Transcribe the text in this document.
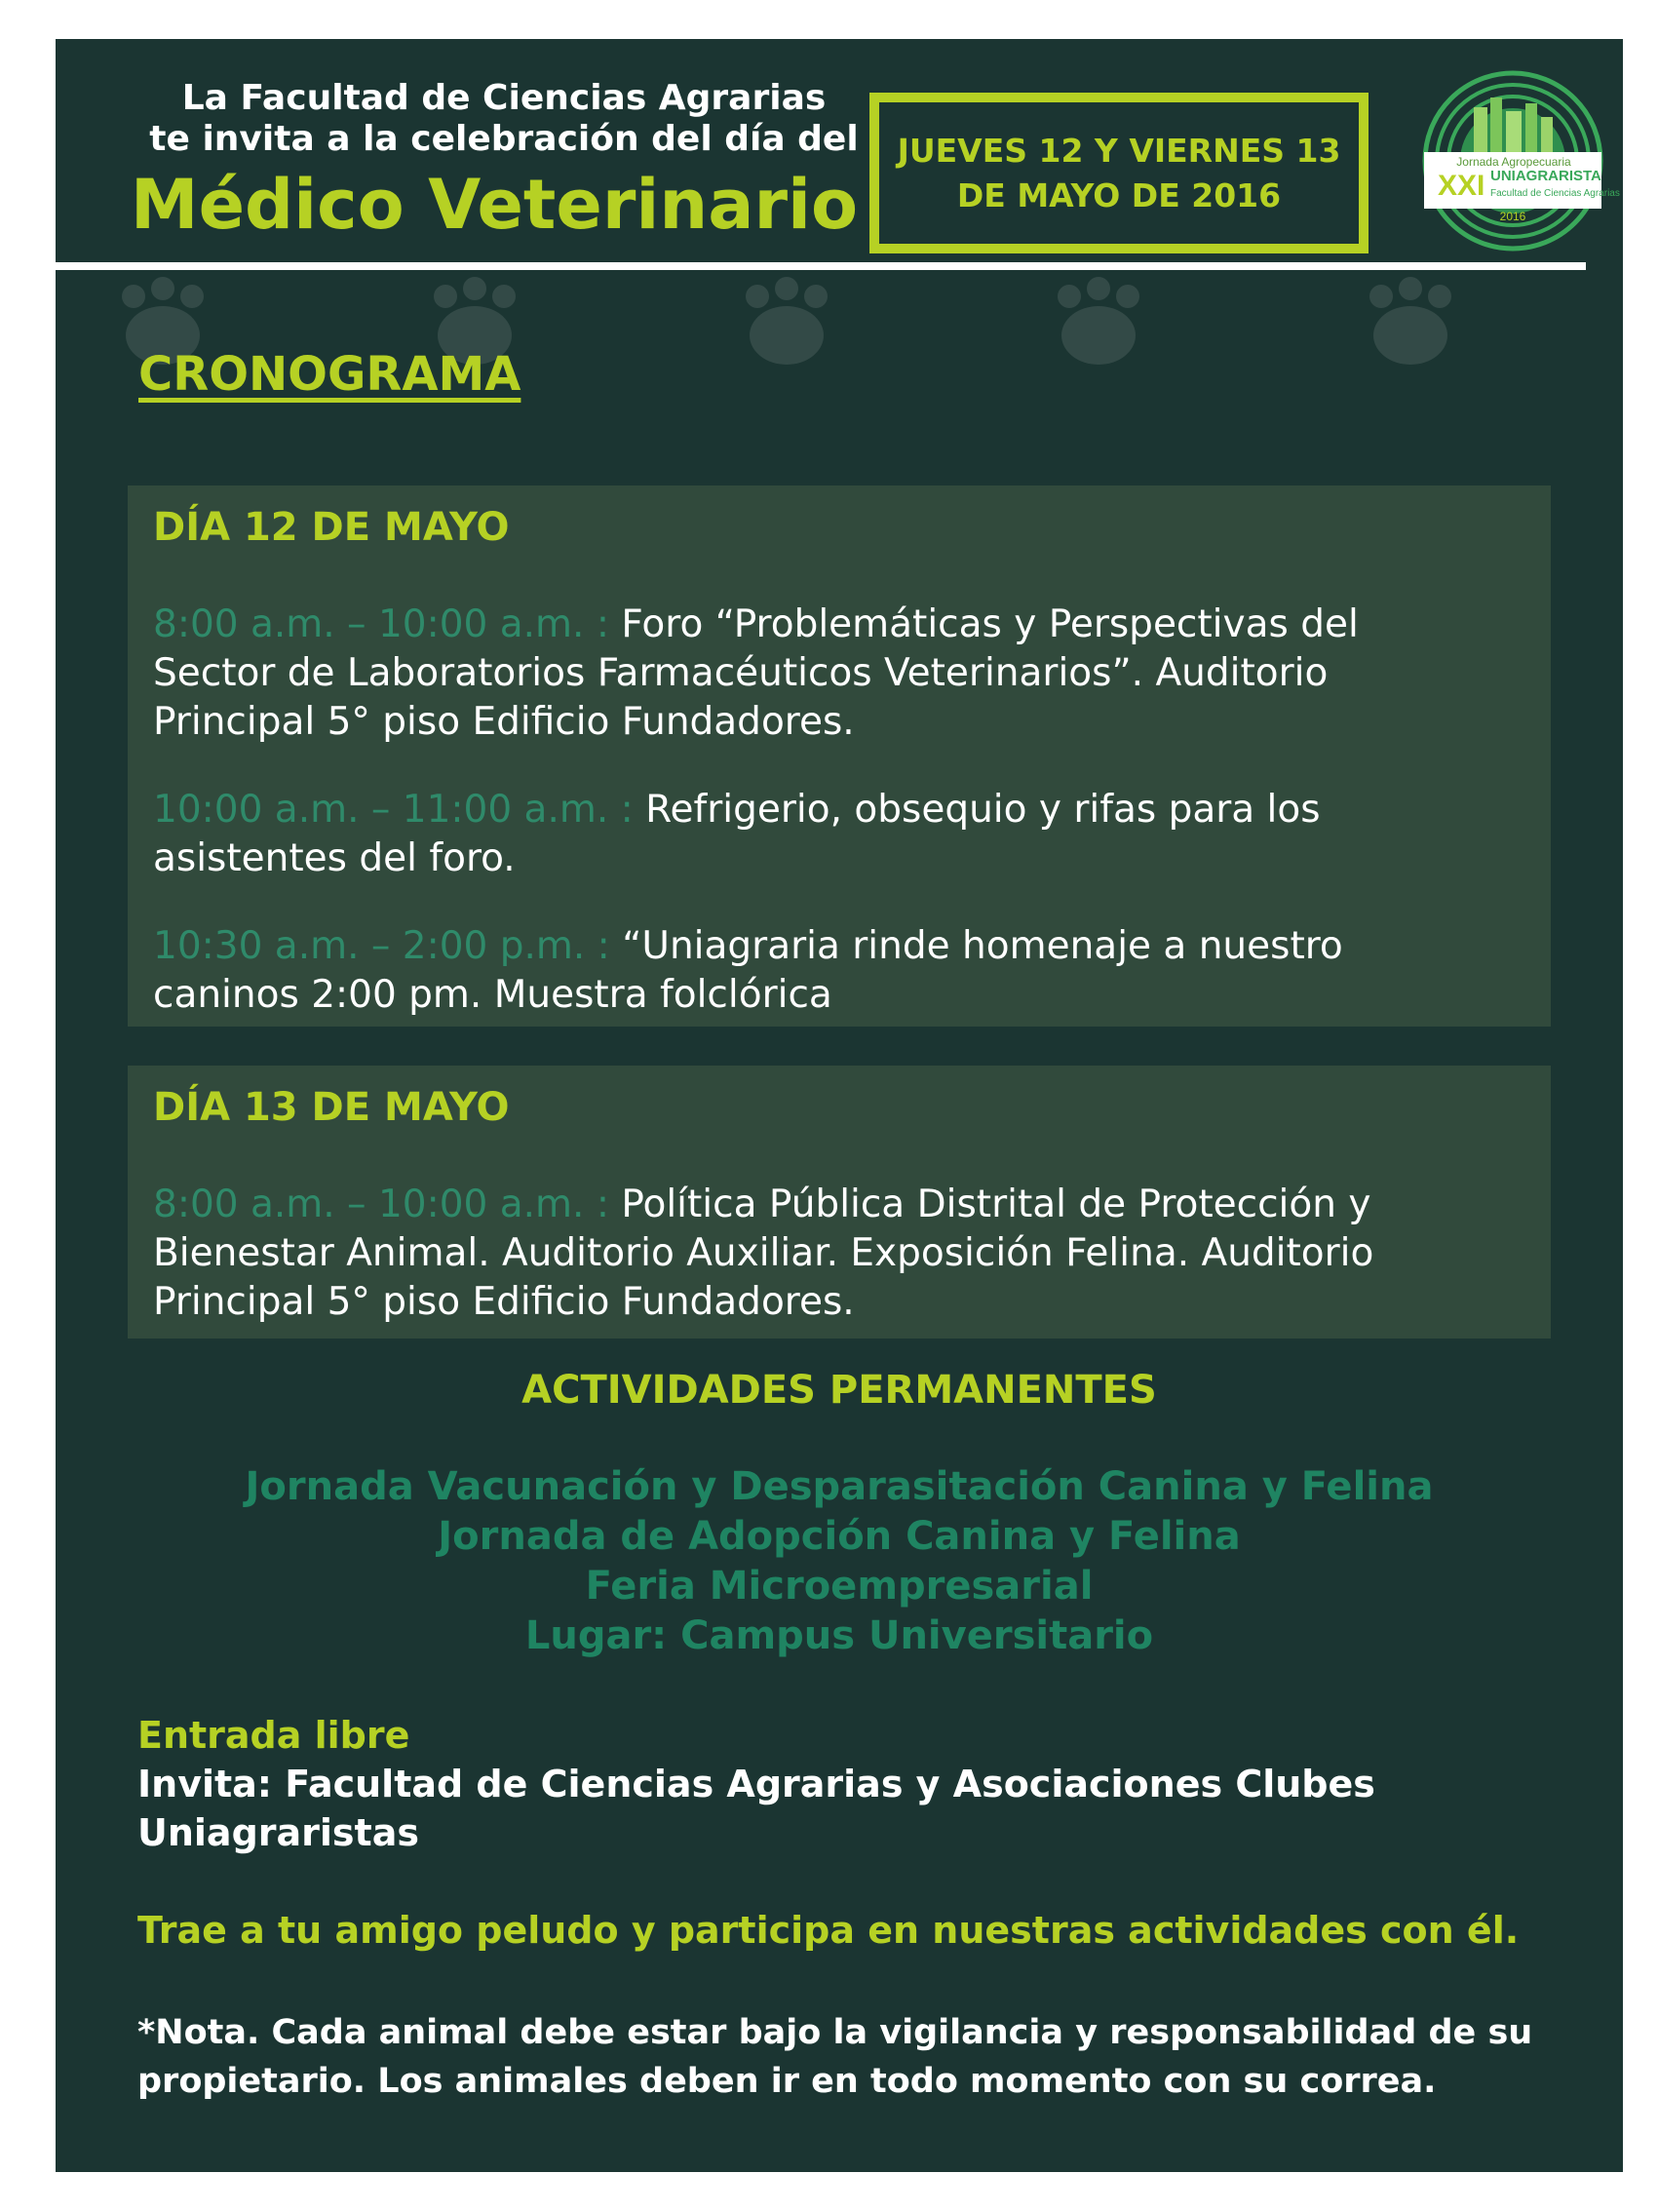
La Facultad de Ciencias Agrarias
te invita a la celebración del día del
Médico Veterinario
JUEVES 12 Y VIERNES 13
DE MAYO DE 2016
Jornada Agropecuaria
XXI UNIAGRARISTA
Facultad de Ciencias Agrarias
2016
CRONOGRAMA
DÍA 12 DE MAYO
8:00 a.m. – 10:00 a.m. : Foro “Problemáticas y Perspectivas del Sector de Laboratorios Farmacéuticos Veterinarios”. Auditorio Principal 5° piso Edificio Fundadores.
10:00 a.m. – 11:00 a.m. : Refrigerio, obsequio y rifas para los asistentes del foro.
10:30 a.m. – 2:00 p.m. : “Uniagraria rinde homenaje a nuestro caninos 2:00 pm. Muestra folclórica
DÍA 13 DE MAYO
8:00 a.m. – 10:00 a.m. : Política Pública Distrital de Protección y Bienestar Animal. Auditorio Auxiliar. Exposición Felina. Auditorio Principal 5° piso Edificio Fundadores.
ACTIVIDADES PERMANENTES
Jornada Vacunación y Desparasitación Canina y Felina
Jornada de Adopción Canina y Felina
Feria Microempresarial
Lugar: Campus Universitario
Entrada libre
Invita: Facultad de Ciencias Agrarias y Asociaciones Clubes Uniagraristas
Trae a tu amigo peludo y participa en nuestras actividades con él.
*Nota. Cada animal debe estar bajo la vigilancia y responsabilidad de su propietario. Los animales deben ir en todo momento con su correa.
